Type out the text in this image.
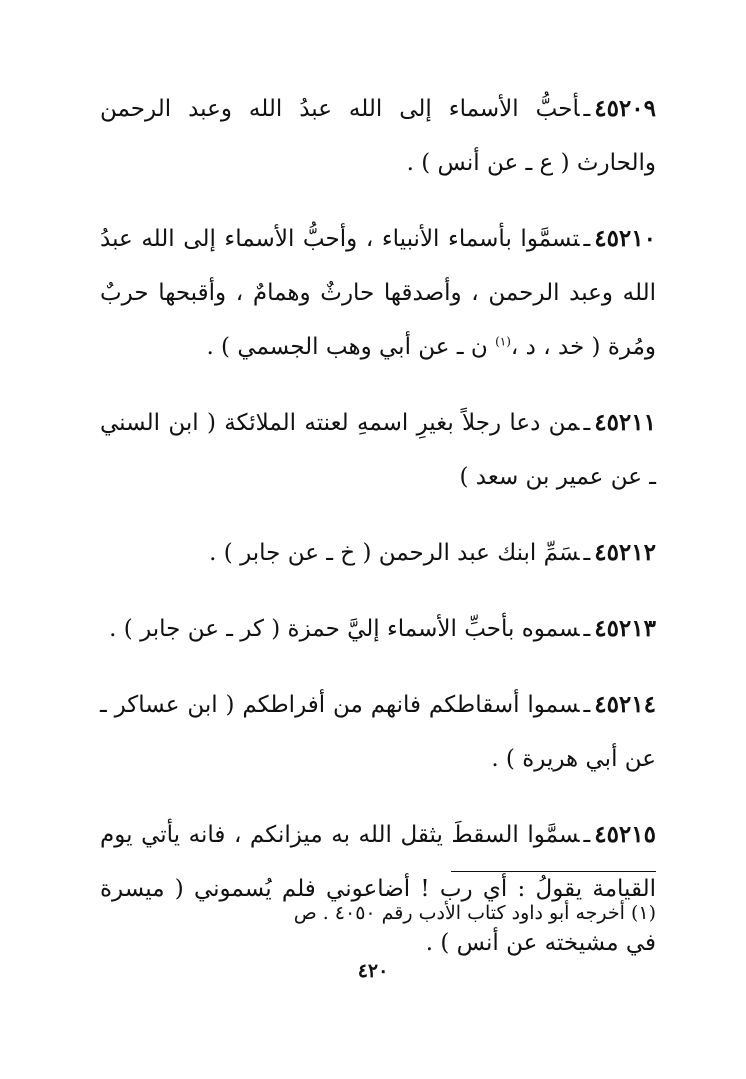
٤٥٢٠٩ـأحبُّ الأسماء إلى الله عبدُ الله وعبد الرحمن والحارث ( ع ـ عن أنس ) .

٤٥٢١٠ـتسمَّوا بأسماء الأنبياء ، وأحبُّ الأسماء إلى الله عبدُ الله وعبد الرحمن ، وأصدقها حارثٌ وهمامٌ ، وأقبحها حربٌ ومُرة ( خد ، د ،$^{(١)}$ ن ـ عن أبي وهب الجسمي ) .

٤٥٢١١ـمن دعا رجلاً بغيرِ اسمهِ لعنته الملائكة ( ابن السني ـ عن عمير بن سعد )

٤٥٢١٢ـسَمِّ ابنك عبد الرحمن ( خ ـ عن جابر ) .

٤٥٢١٣ـسموه بأحبِّ الأسماء إليَّ حمزة ( كر ـ عن جابر ) .

٤٥٢١٤ـسموا أسقاطكم فانهم من أفراطكم ( ابن عساكر ـ عن أبي هريرة ) .

٤٥٢١٥ـسمَّوا السقطَ يثقل الله به ميزانكم ، فانه يأتي يوم القيامة يقولُ : أي رب ! أضاعوني فلم يُسموني ( ميسرة في مشيخته عن أنس ) .

(١) أخرجه أبو داود كتاب الأدب رقم ٤٠٥٠ . ص
٤٢٠
